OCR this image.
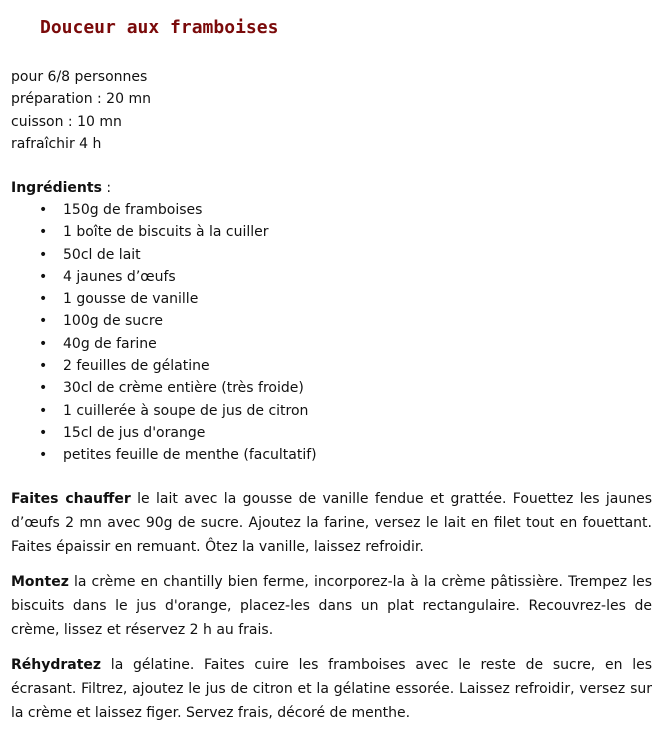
Douceur aux framboises
pour 6/8 personnes
préparation : 20 mn
cuisson : 10 mn
rafraîchir 4 h
Ingrédients :
• 150g de framboises
• 1 boîte de biscuits à la cuiller
• 50cl de lait
• 4 jaunes d’œufs
• 1 gousse de vanille
• 100g de sucre
• 40g de farine
• 2 feuilles de gélatine
• 30cl de crème entière (très froide)
• 1 cuillerée à soupe de jus de citron
• 15cl de jus d'orange
• petites feuille de menthe (facultatif)

Faites chauffer le lait avec la gousse de vanille fendue et grattée. Fouettez les jaunes d’œufs 2 mn avec 90g de sucre. Ajoutez la farine, versez le lait en filet tout en fouettant. Faites épaissir en remuant. Ôtez la vanille, laissez refroidir.

Montez la crème en chantilly bien ferme, incorporez-la à la crème pâtissière. Trempez les biscuits dans le jus d'orange, placez-les dans un plat rectangulaire. Recouvrez-les de crème, lissez et réservez 2 h au frais.

Réhydratez la gélatine. Faites cuire les framboises avec le reste de sucre, en les écrasant. Filtrez, ajoutez le jus de citron et la gélatine essorée. Laissez refroidir, versez sur la crème et laissez figer. Servez frais, décoré de menthe.
